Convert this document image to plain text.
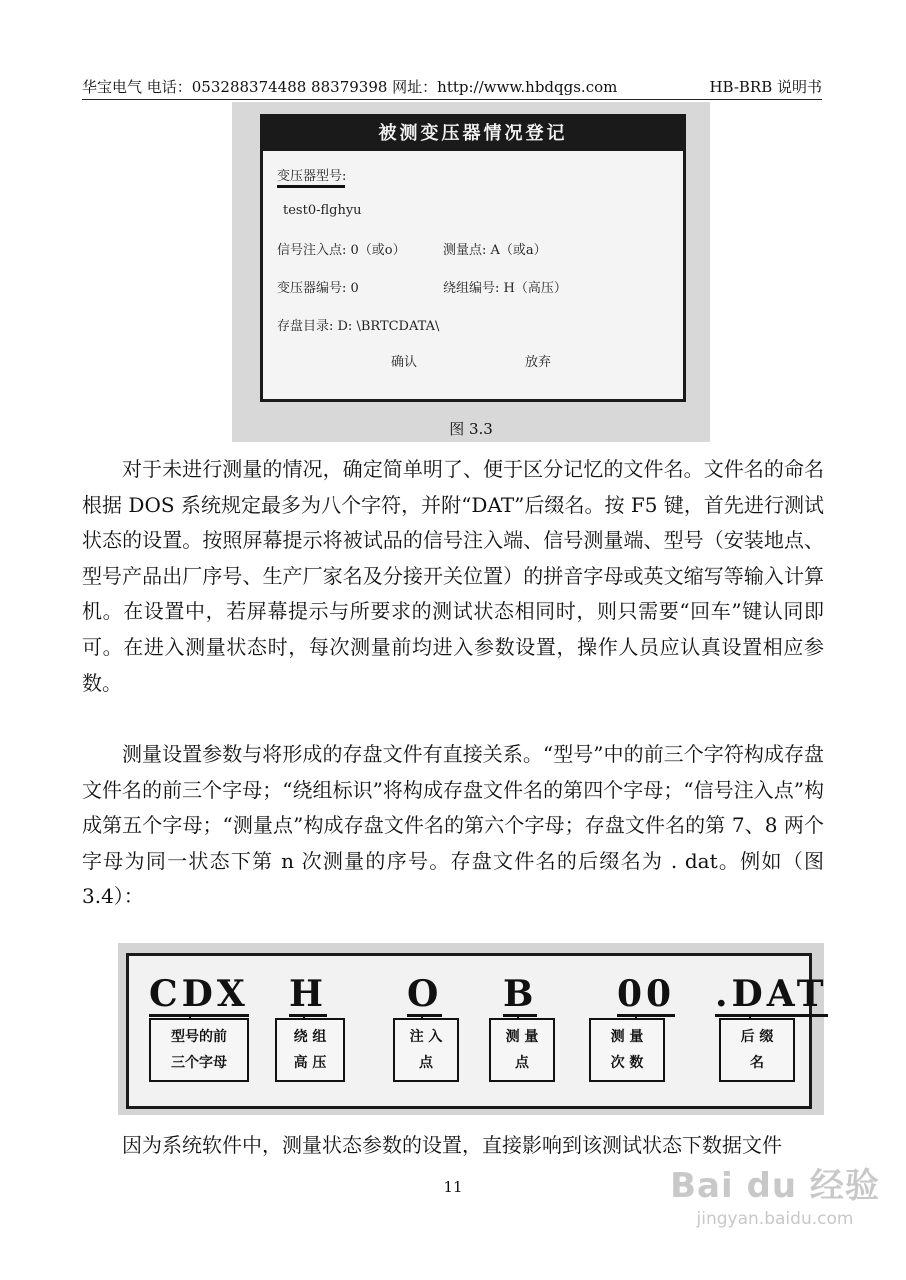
华宝电气 电话：053288374488 88379398 网址：http://www.hbdqgs.com	HB-BRB 说明书
被测变压器情况登记
变压器型号:
test0-flghyu
信号注入点: 0（或o）	测量点: A（或a）
变压器编号: 0	绕组编号: H（高压）
存盘目录: D: \BRTCDATA\
确认	放弃
图 3.3
对于未进行测量的情况，确定简单明了、便于区分记忆的文件名。文件名的命名根据 DOS 系统规定最多为八个字符，并附“DAT”后缀名。按 F5 键，首先进行测试状态的设置。按照屏幕提示将被试品的信号注入端、信号测量端、型号（安装地点、型号产品出厂序号、生产厂家名及分接开关位置）的拼音字母或英文缩写等输入计算机。在设置中，若屏幕提示与所要求的测试状态相同时，则只需要“回车”键认同即可。在进入测量状态时，每次测量前均进入参数设置，操作人员应认真设置相应参数。
测量设置参数与将形成的存盘文件有直接关系。“型号”中的前三个字符构成存盘文件名的前三个字母；“绕组标识”将构成存盘文件名的第四个字母；“信号注入点”构成第五个字母；“测量点”构成存盘文件名的第六个字母；存盘文件名的第 7、8 两个字母为同一状态下第 n 次测量的序号。存盘文件名的后缀名为 . dat。例如（图 3.4）：
CDX H O B 00 .DAT
型号的前
三个字母
绕 组
高 压
注 入
点
测 量
点
测 量
次 数
后 缀
名
因为系统软件中，测量状态参数的设置，直接影响到该测试状态下数据文件
11	Bai du 经验
jingyan.baidu.com
